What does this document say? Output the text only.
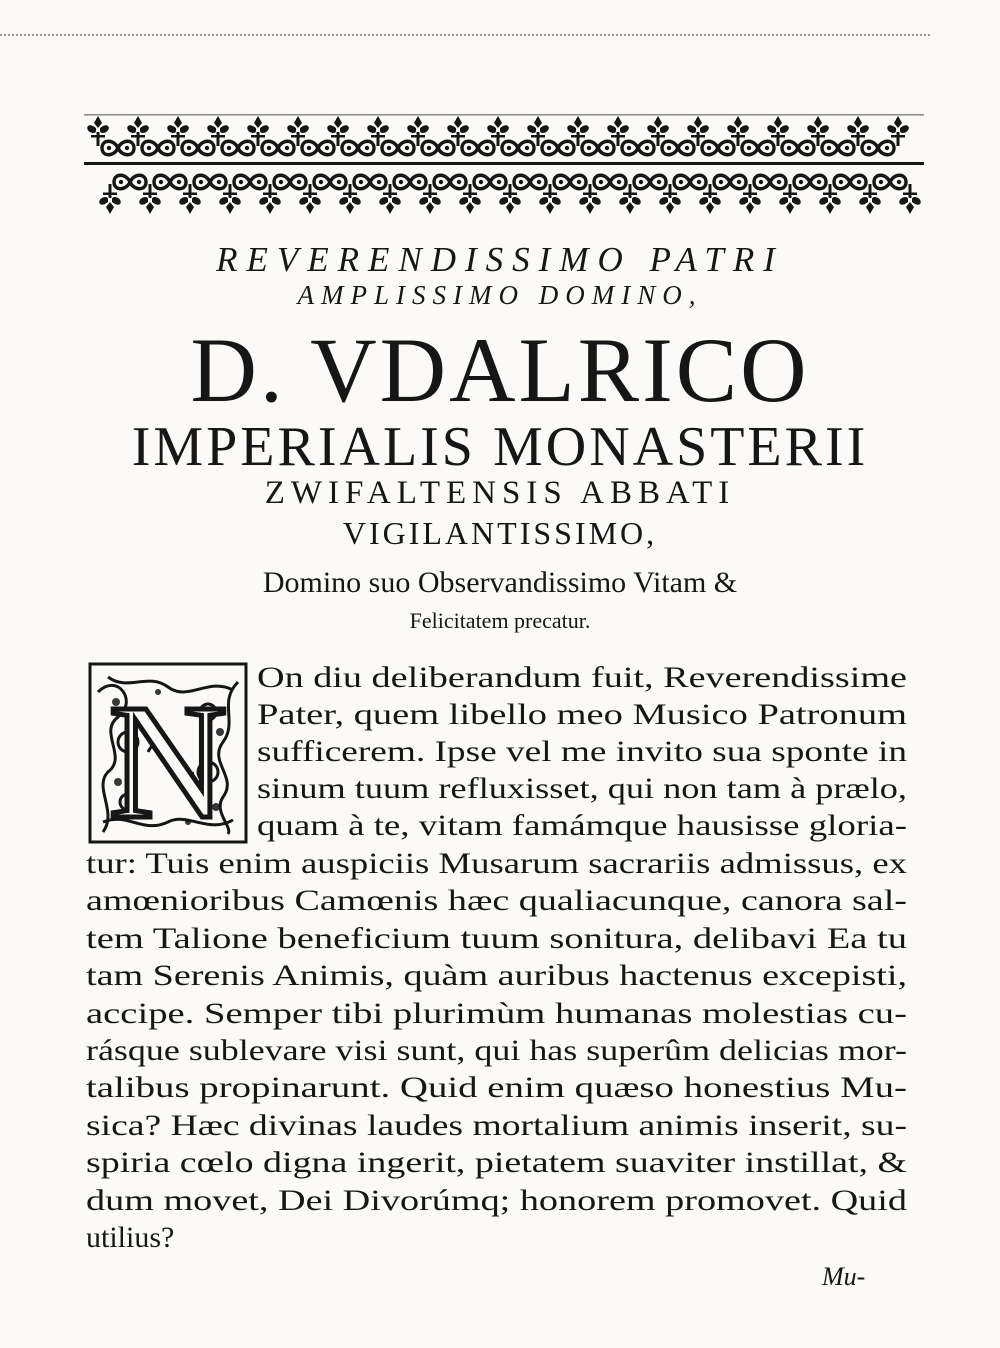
REVERENDISSIMO PATRI
AMPLISSIMO DOMINO,
D. VDALRICO
IMPERIALIS MONASTERII
ZWIFALTENSIS ABBATI
VIGILANTISSIMO,
Domino suo Observandissimo Vitam &
Felicitatem precatur.
N On diu deliberandum fuit, Reverendissime
Pater, quem libello meo Musico Patronum
sufficerem. Ipse vel me invito sua sponte in
sinum tuum refluxisset, qui non tam à prælo,
quam à te, vitam famámque hausisse gloria-
tur: Tuis enim auspiciis Musarum sacrariis admissus, ex
amœnioribus Camœnis hæc qualiacunque, canora sal-
tem Talione beneficium tuum sonitura, delibavi Ea tu
tam Serenis Animis, quàm auribus hactenus excepisti,
accipe. Semper tibi plurimùm humanas molestias cu-
rásque sublevare visi sunt, qui has superûm delicias mor-
talibus propinarunt. Quid enim quæso honestius Mu-
sica? Hæc divinas laudes mortalium animis inserit, su-
spiria cœlo digna ingerit, pietatem suaviter instillat, &
dum movet, Dei Divorúmq; honorem promovet. Quid
utilius?
Mu-
